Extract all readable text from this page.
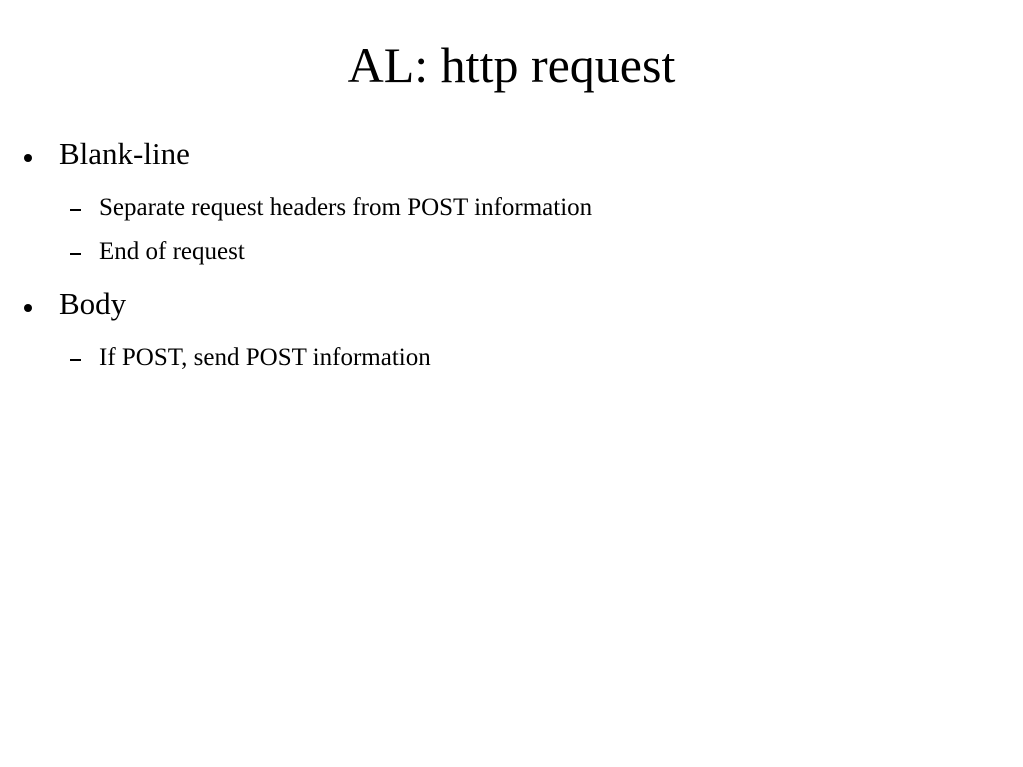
AL: http request
Blank-line
Separate request headers from POST information
End of request
Body
If POST, send POST information
